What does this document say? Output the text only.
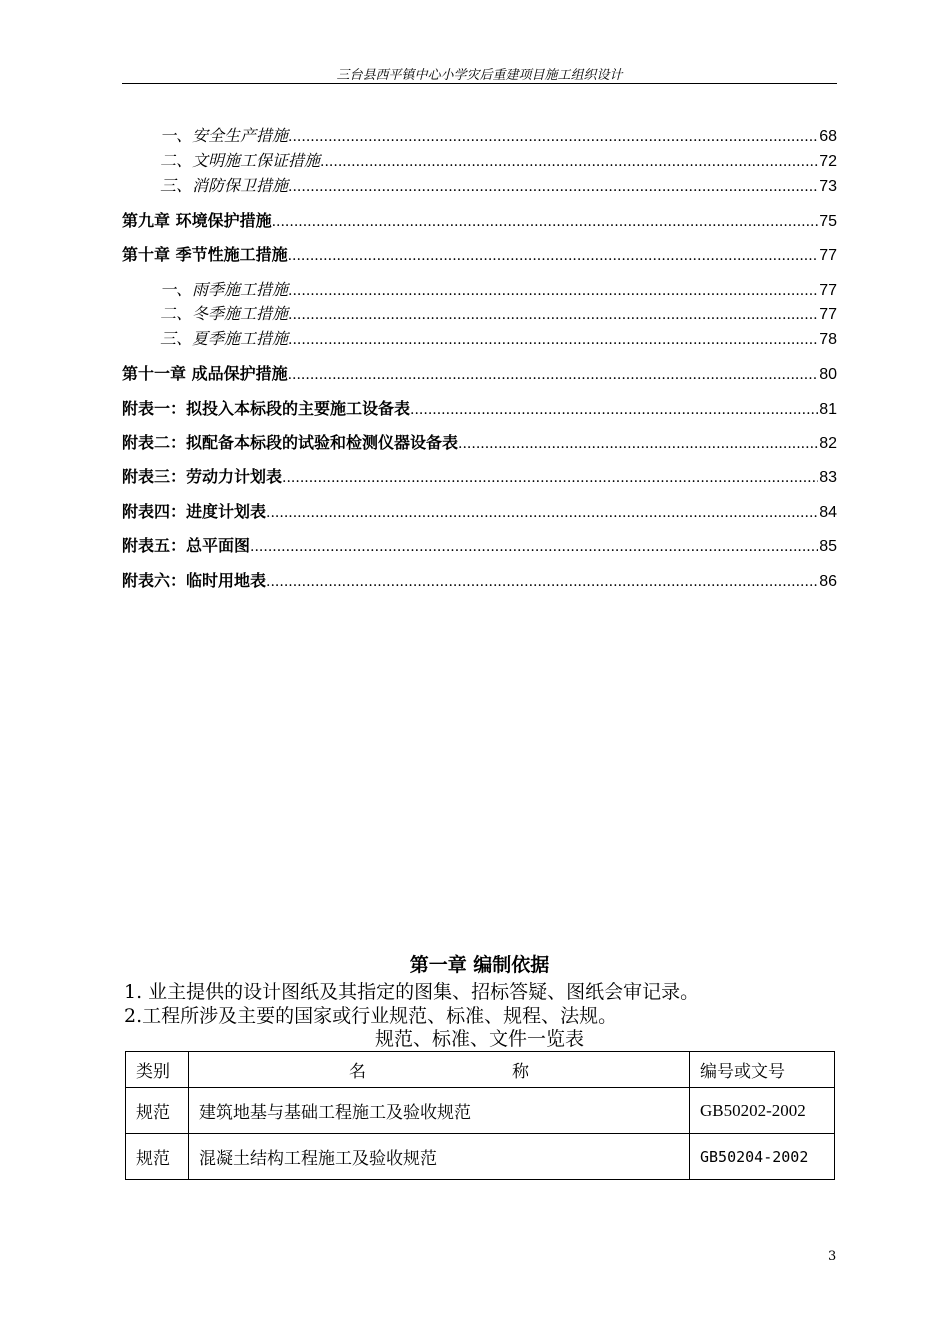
三台县西平镇中心小学灾后重建项目施工组织设计
一、安全生产措施 .....	68
二、文明施工保证措施 .....	72
三、消防保卫措施 .....	73
第九章 环境保护措施 .....	75
第十章 季节性施工措施 .....	77
一、雨季施工措施 .....	77
二、冬季施工措施 .....	77
三、夏季施工措施 .....	78
第十一章 成品保护措施 .....	80
附表一：拟投入本标段的主要施工设备表 .....	81
附表二：拟配备本标段的试验和检测仪器设备表 .....	82
附表三：劳动力计划表 .....	83
附表四：进度计划表 .....	84
附表五：总平面图 .....	85
附表六：临时用地表 .....	86
第一章 编制依据
1. 业主提供的设计图纸及其指定的图集、招标答疑、图纸会审记录。
2.工程所涉及主要的国家或行业规范、标准、规程、法规。
规范、标准、文件一览表
类别	名 称	编号或文号
规范	建筑地基与基础工程施工及验收规范	GB50202-2002
规范	混凝土结构工程施工及验收规范	GB50204-2002
3
